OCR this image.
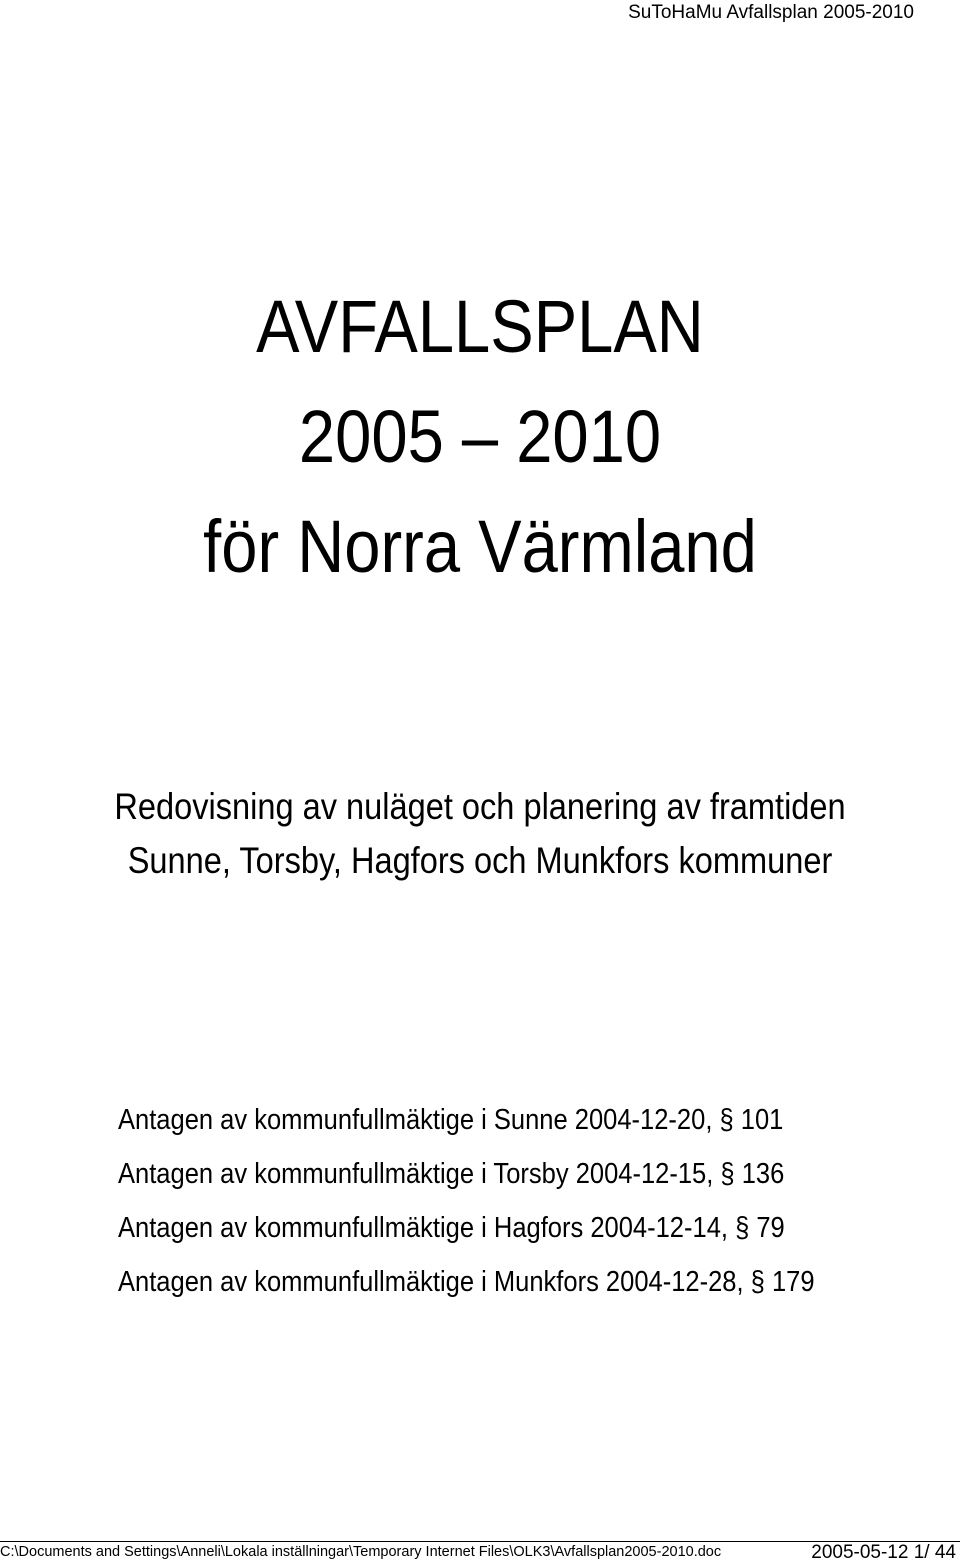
SuToHaMu Avfallsplan 2005-2010
AVFALLSPLAN
2005 – 2010
för Norra Värmland
Redovisning av nuläget och planering av framtiden
Sunne, Torsby, Hagfors och Munkfors kommuner
Antagen av kommunfullmäktige i Sunne 2004-12-20, § 101
Antagen av kommunfullmäktige i Torsby 2004-12-15, § 136
Antagen av kommunfullmäktige i Hagfors 2004-12-14, § 79
Antagen av kommunfullmäktige i Munkfors 2004-12-28, § 179
C:\Documents and Settings\Anneli\Lokala inställningar\Temporary Internet Files\OLK3\Avfallsplan2005-2010.doc	2005-05-12 1/ 44
